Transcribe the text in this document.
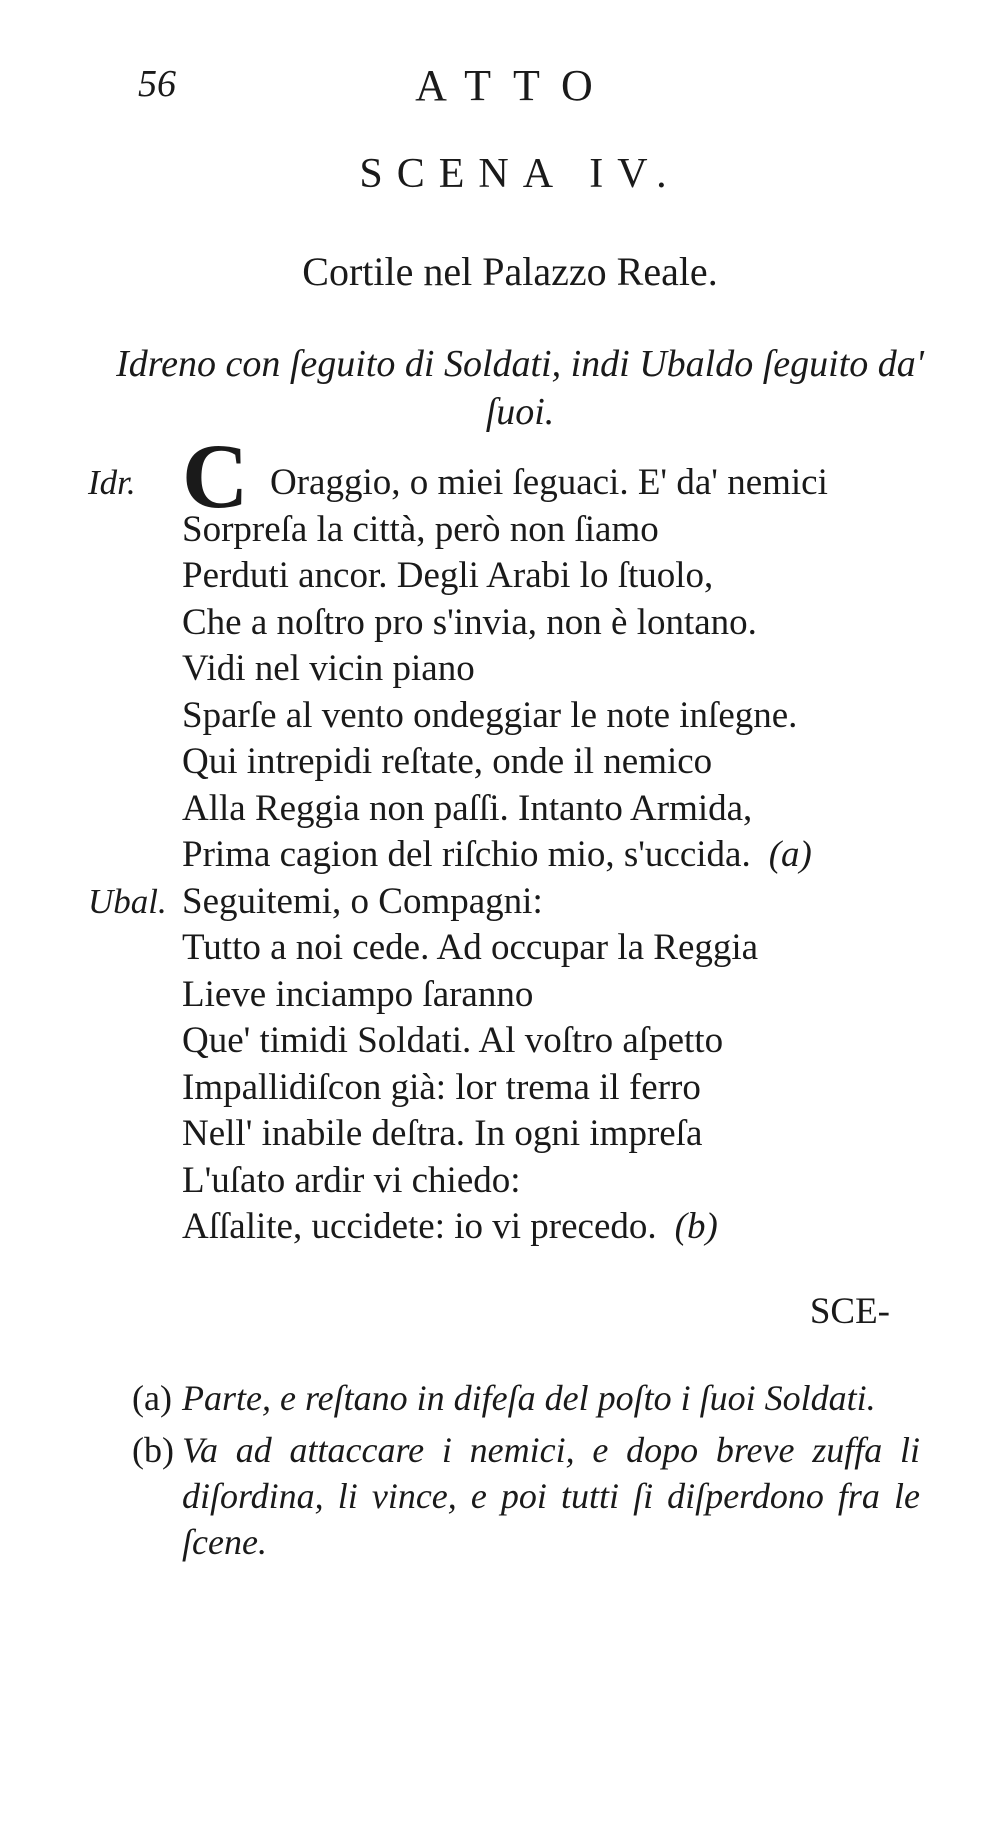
56	ATTO
SCENA IV.
Cortile nel Palazzo Reale.
Idreno con ſeguito di Soldati, indi Ubaldo ſeguito da' ſuoi.
Idr. C Oraggio, o miei ſeguaci. E' da' nemici
Sorpreſa la città, però non ſiamo
Perduti ancor. Degli Arabi lo ſtuolo,
Che a noſtro pro s'invia, non è lontano.
Vidi nel vicin piano
Sparſe al vento ondeggiar le note inſegne.
Qui intrepidi reſtate, onde il nemico
Alla Reggia non paſſi. Intanto Armida,
Prima cagion del riſchio mio, s'uccida. (a)
Ubal. Seguitemi, o Compagni:
Tutto a noi cede. Ad occupar la Reggia
Lieve inciampo ſaranno
Que' timidi Soldati. Al voſtro aſpetto
Impallidiſcon già: lor trema il ferro
Nell' inabile deſtra. In ogni impreſa
L'uſato ardir vi chiedo:
Aſſalite, uccidete: io vi precedo. (b)
SCE-
(a) Parte, e reſtano in difeſa del poſto i ſuoi Soldati.
(b) Va ad attaccare i nemici, e dopo breve zuffa li diſordina, li vince, e poi tutti ſi diſperdono fra le ſcene.
